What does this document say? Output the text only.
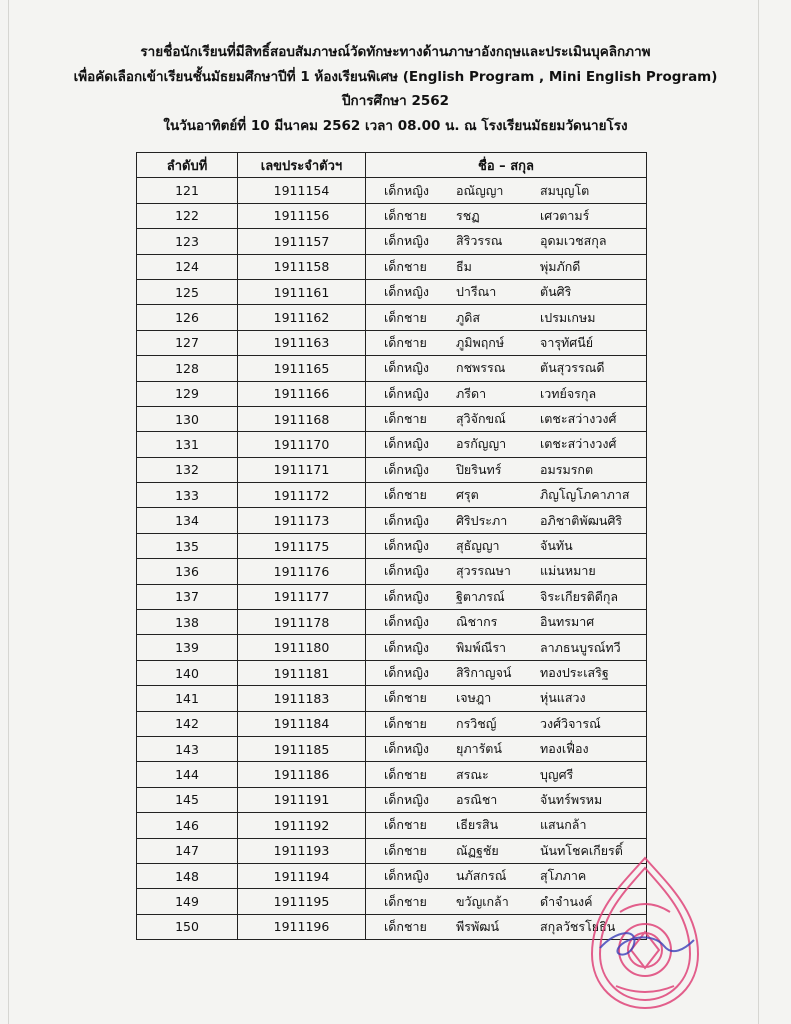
รายชื่อนักเรียนที่มีสิทธิ์สอบสัมภาษณ์วัดทักษะทางด้านภาษาอังกฤษและประเมินบุคลิกภาพ
เพื่อคัดเลือกเข้าเรียนชั้นมัธยมศึกษาปีที่ 1 ห้องเรียนพิเศษ (English Program , Mini English Program)
ปีการศึกษา 2562
ในวันอาทิตย์ที่ 10 มีนาคม 2562 เวลา 08.00 น. ณ โรงเรียนมัธยมวัดนายโรง
ลำดับที่	เลขประจำตัวฯ	ชื่อ – สกุล
121	1911154	เด็กหญิง อณัญญา สมบุญโต
122	1911156	เด็กชาย รชฏ เศวตามร์
123	1911157	เด็กหญิง สิริวรรณ อุดมเวชสกุล
124	1911158	เด็กชาย ธีม พุ่มภักดี
125	1911161	เด็กหญิง ปารีณา ตันศิริ
126	1911162	เด็กชาย ภูดิส เปรมเกษม
127	1911163	เด็กชาย ภูมิพฤกษ์ จารุทัศนีย์
128	1911165	เด็กหญิง กชพรรณ ตันสุวรรณดี
129	1911166	เด็กหญิง ภรีดา เวทย์จรกุล
130	1911168	เด็กชาย สุวิจักขณ์ เตชะสว่างวงศ์
131	1911170	เด็กหญิง อรกัญญา เตชะสว่างวงศ์
132	1911171	เด็กหญิง ปิยรินทร์ อมรมรกต
133	1911172	เด็กชาย ศรุต ภิญโญโภคาภาส
134	1911173	เด็กหญิง ศิริประภา อภิชาติพัฒนศิริ
135	1911175	เด็กหญิง สุธัญญา จันทัน
136	1911176	เด็กหญิง สุวรรณษา แม่นหมาย
137	1911177	เด็กหญิง ฐิตาภรณ์ จิระเกียรติดีกุล
138	1911178	เด็กหญิง ณิชากร อินทรมาศ
139	1911180	เด็กหญิง พิมพ์ณีรา ลาภธนบูรณ์ทวี
140	1911181	เด็กหญิง สิริกาญจน์ ทองประเสริฐ
141	1911183	เด็กชาย เจษฎา หุ่นแสวง
142	1911184	เด็กชาย กรวิชญ์ วงศ์วิจารณ์
143	1911185	เด็กหญิง ยุภารัตน์ ทองเฟื่อง
144	1911186	เด็กชาย สรณะ บุญศรี
145	1911191	เด็กหญิง อรณิชา จันทร์พรหม
146	1911192	เด็กชาย เธียรสิน แสนกล้า
147	1911193	เด็กชาย ณัฏฐชัย นันทโชคเกียรติ์
148	1911194	เด็กหญิง นภัสกรณ์ สุโภภาค
149	1911195	เด็กชาย ขวัญเกล้า ดำจำนงค์
150	1911196	เด็กชาย พีรพัฒน์ สกุลวัชรโยธิน
